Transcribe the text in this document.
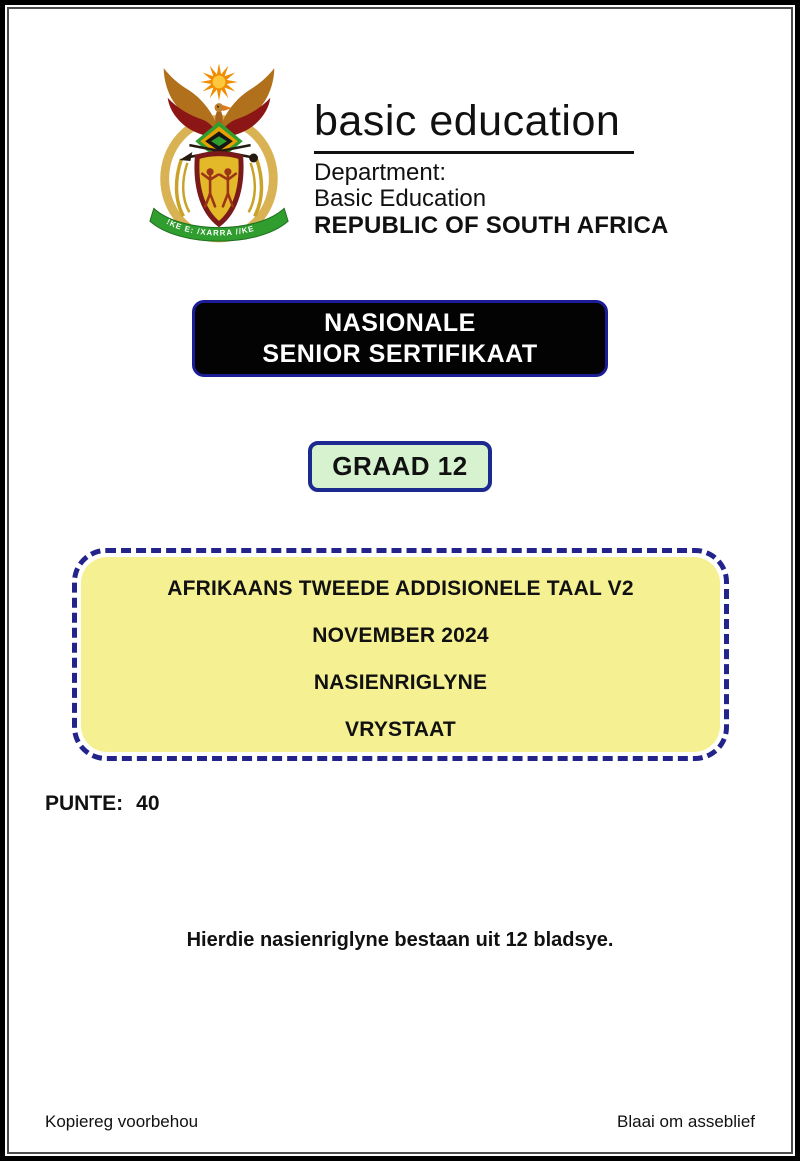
!KE E: /XARRA //KE
basic education
Department:
Basic Education
REPUBLIC OF SOUTH AFRICA
NASIONALE
SENIOR SERTIFIKAAT
GRAAD 12
AFRIKAANS TWEEDE ADDISIONELE TAAL V2
NOVEMBER 2024
NASIENRIGLYNE
VRYSTAAT
PUNTE: 40
Hierdie nasienriglyne bestaan uit 12 bladsye.
Kopiereg voorbehou	Blaai om asseblief
